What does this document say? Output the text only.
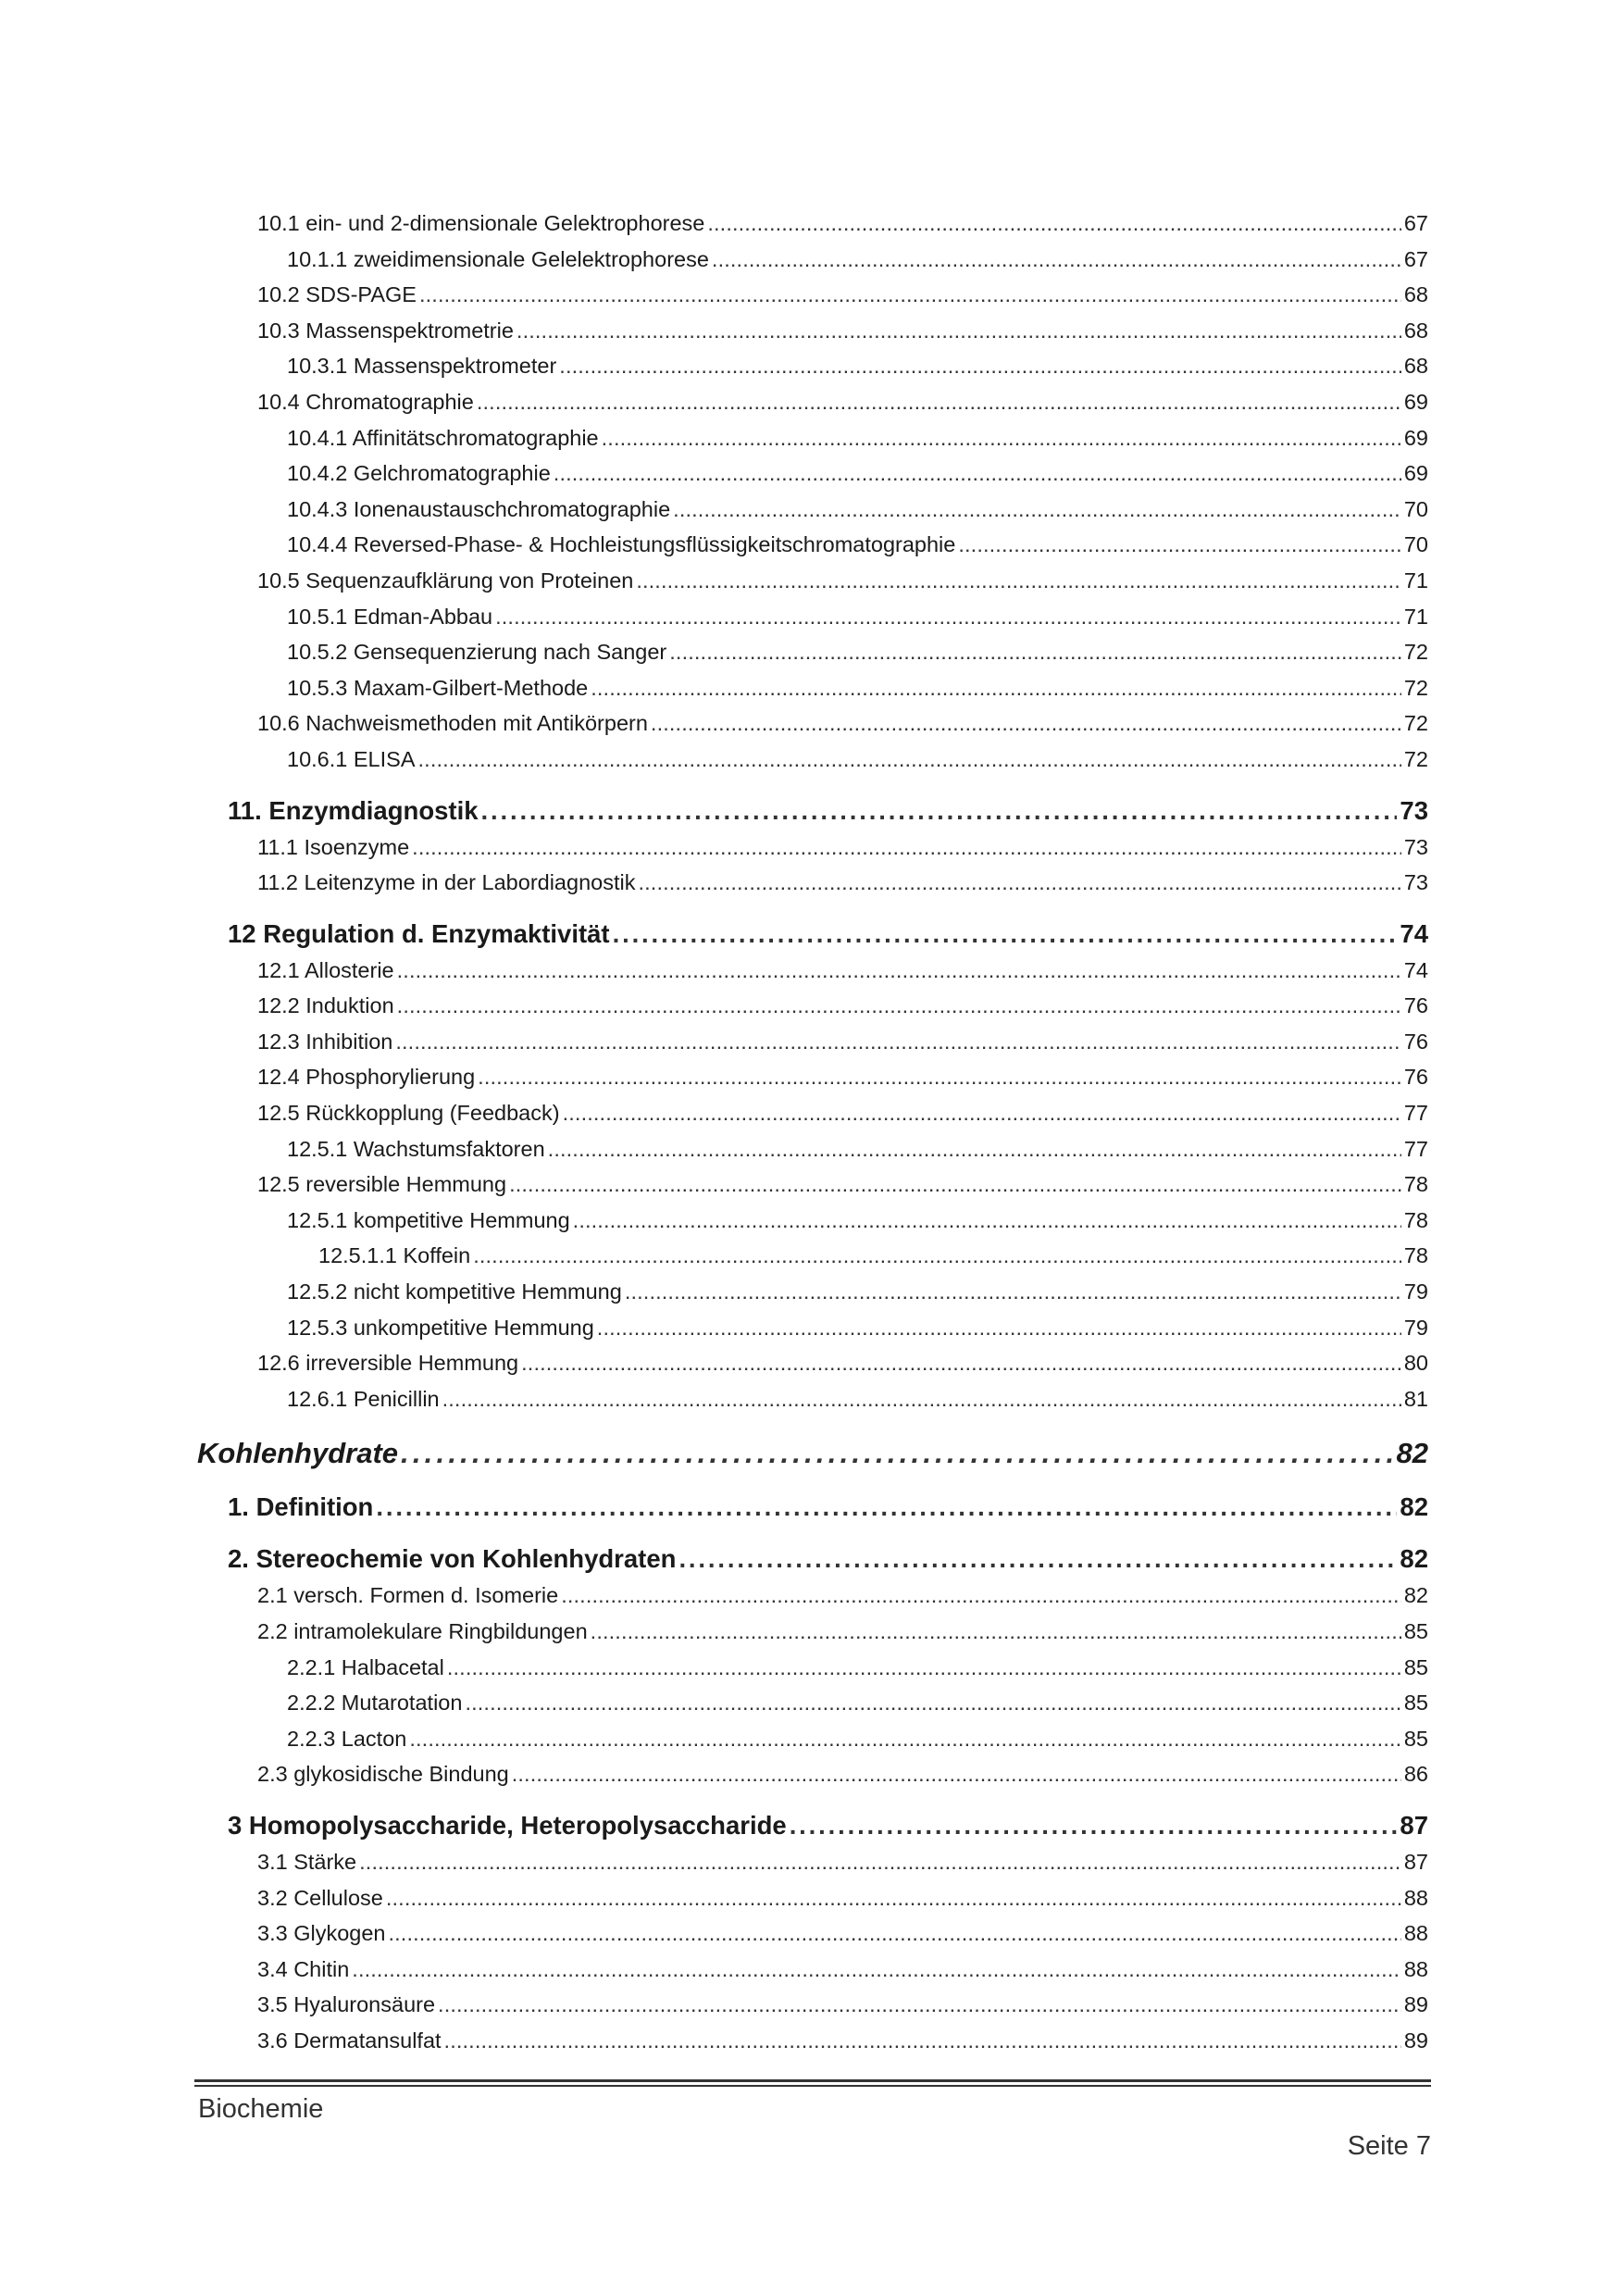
10.1 ein- und 2-dimensionale Gelektrophorese . . .	67
10.1.1 zweidimensionale Gelelektrophorese . . .	67
10.2 SDS-PAGE . . .	68
10.3 Massenspektrometrie . . .	68
10.3.1 Massenspektrometer . . .	68
10.4 Chromatographie . . .	69
10.4.1 Affinitätschromatographie . . .	69
10.4.2 Gelchromatographie . . .	69
10.4.3 Ionenaustauschchromatographie . . .	70
10.4.4 Reversed-Phase- & Hochleistungsflüssigkeitschromatographie . . .	70
10.5 Sequenzaufklärung von Proteinen . . .	71
10.5.1 Edman-Abbau . . .	71
10.5.2 Gensequenzierung nach Sanger . . .	72
10.5.3 Maxam-Gilbert-Methode . . .	72
10.6 Nachweismethoden mit Antikörpern . . .	72
10.6.1 ELISA . . .	72
11. Enzymdiagnostik . . .	73
11.1 Isoenzyme . . .	73
11.2 Leitenzyme in der Labordiagnostik . . .	73
12 Regulation d. Enzymaktivität . . .	74
12.1 Allosterie . . .	74
12.2 Induktion . . .	76
12.3 Inhibition . . .	76
12.4 Phosphorylierung . . .	76
12.5 Rückkopplung (Feedback) . . .	77
12.5.1 Wachstumsfaktoren . . .	77
12.5 reversible Hemmung . . .	78
12.5.1 kompetitive Hemmung . . .	78
12.5.1.1 Koffein . . .	78
12.5.2 nicht kompetitive Hemmung . . .	79
12.5.3 unkompetitive Hemmung . . .	79
12.6 irreversible Hemmung . . .	80
12.6.1 Penicillin . . .	81
Kohlenhydrate . . .	82
1. Definition . . .	82
2. Stereochemie von Kohlenhydraten . . .	82
2.1 versch. Formen d. Isomerie . . .	82
2.2 intramolekulare Ringbildungen . . .	85
2.2.1 Halbacetal . . .	85
2.2.2 Mutarotation . . .	85
2.2.3 Lacton . . .	85
2.3 glykosidische Bindung . . .	86
3 Homopolysaccharide, Heteropolysaccharide . . .	87
3.1 Stärke . . .	87
3.2 Cellulose . . .	88
3.3 Glykogen . . .	88
3.4 Chitin . . .	88
3.5 Hyaluronsäure . . .	89
3.6 Dermatansulfat . . .	89
Biochemie
Seite 7
